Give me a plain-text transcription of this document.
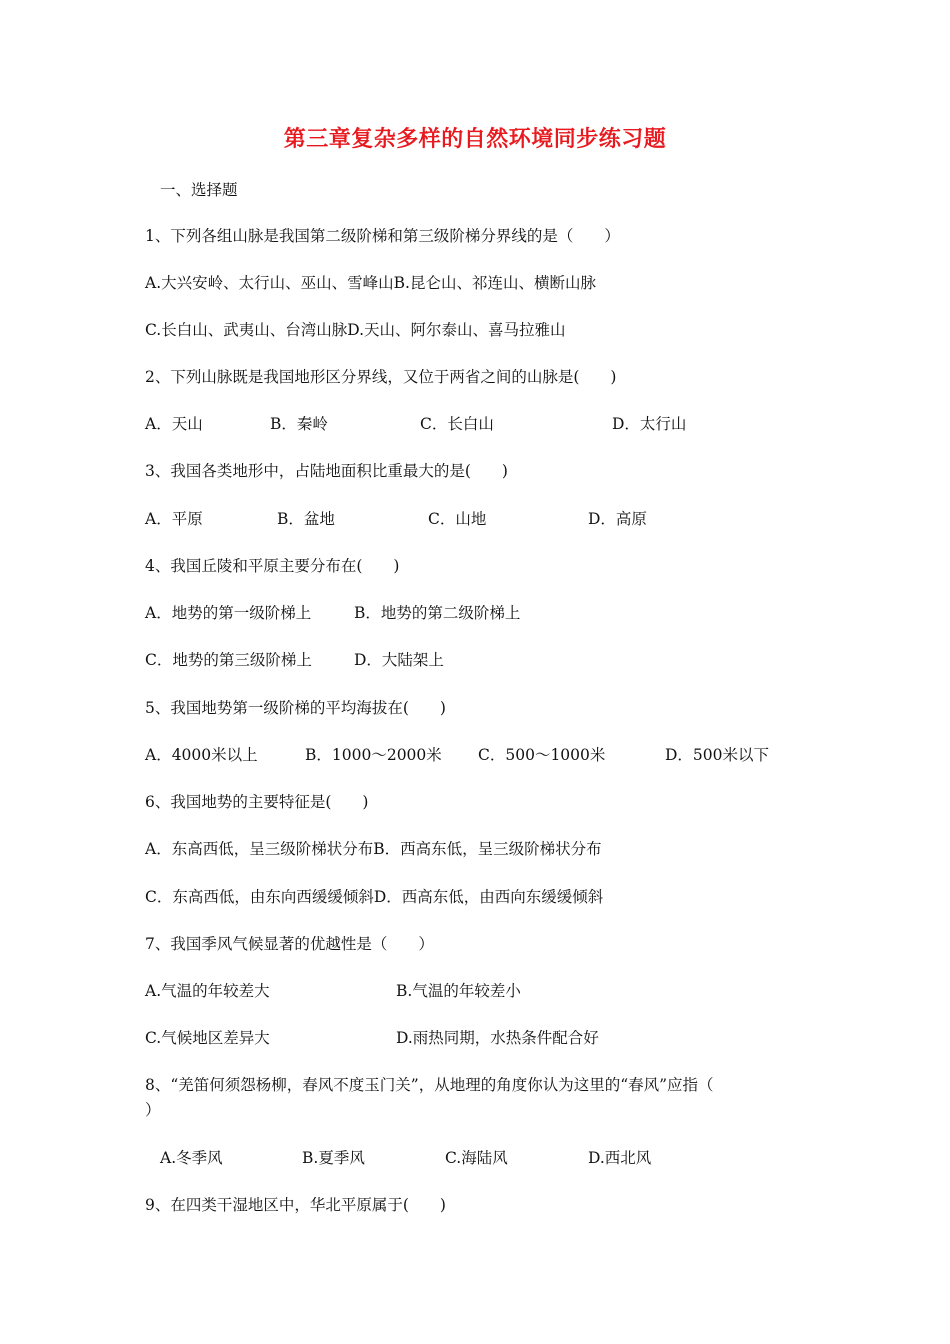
第三章复杂多样的自然环境同步练习题
一、选择题
1、下列各组山脉是我国第二级阶梯和第三级阶梯分界线的是（　　）
A.大兴安岭、太行山、巫山、雪峰山B.昆仑山、祁连山、横断山脉
C.长白山、武夷山、台湾山脉D.天山、阿尔泰山、喜马拉雅山
2、下列山脉既是我国地形区分界线，又位于两省之间的山脉是(　　)
A．天山	B．秦岭	C．长白山	D．太行山
3、我国各类地形中，占陆地面积比重最大的是(　　)
A．平原	B．盆地	C．山地	D．高原
4、我国丘陵和平原主要分布在(　　)
A．地势的第一级阶梯上	B．地势的第二级阶梯上
C．地势的第三级阶梯上	D．大陆架上
5、我国地势第一级阶梯的平均海拔在(　　)
A．4000米以上	B．1000～2000米 C．500～1000米	D．500米以下
6、我国地势的主要特征是(　　)
A．东高西低，呈三级阶梯状分布B．西高东低，呈三级阶梯状分布
C．东高西低，由东向西缓缓倾斜D．西高东低，由西向东缓缓倾斜
7、我国季风气候显著的优越性是（　　）
A.气温的年较差大	B.气温的年较差小
C.气候地区差异大	D.雨热同期，水热条件配合好
8、“羌笛何须怨杨柳，春风不度玉门关”，从地理的角度你认为这里的“春风”应指（
）
A.冬季风	B.夏季风	C.海陆风	D.西北风
9、在四类干湿地区中，华北平原属于(　　)
